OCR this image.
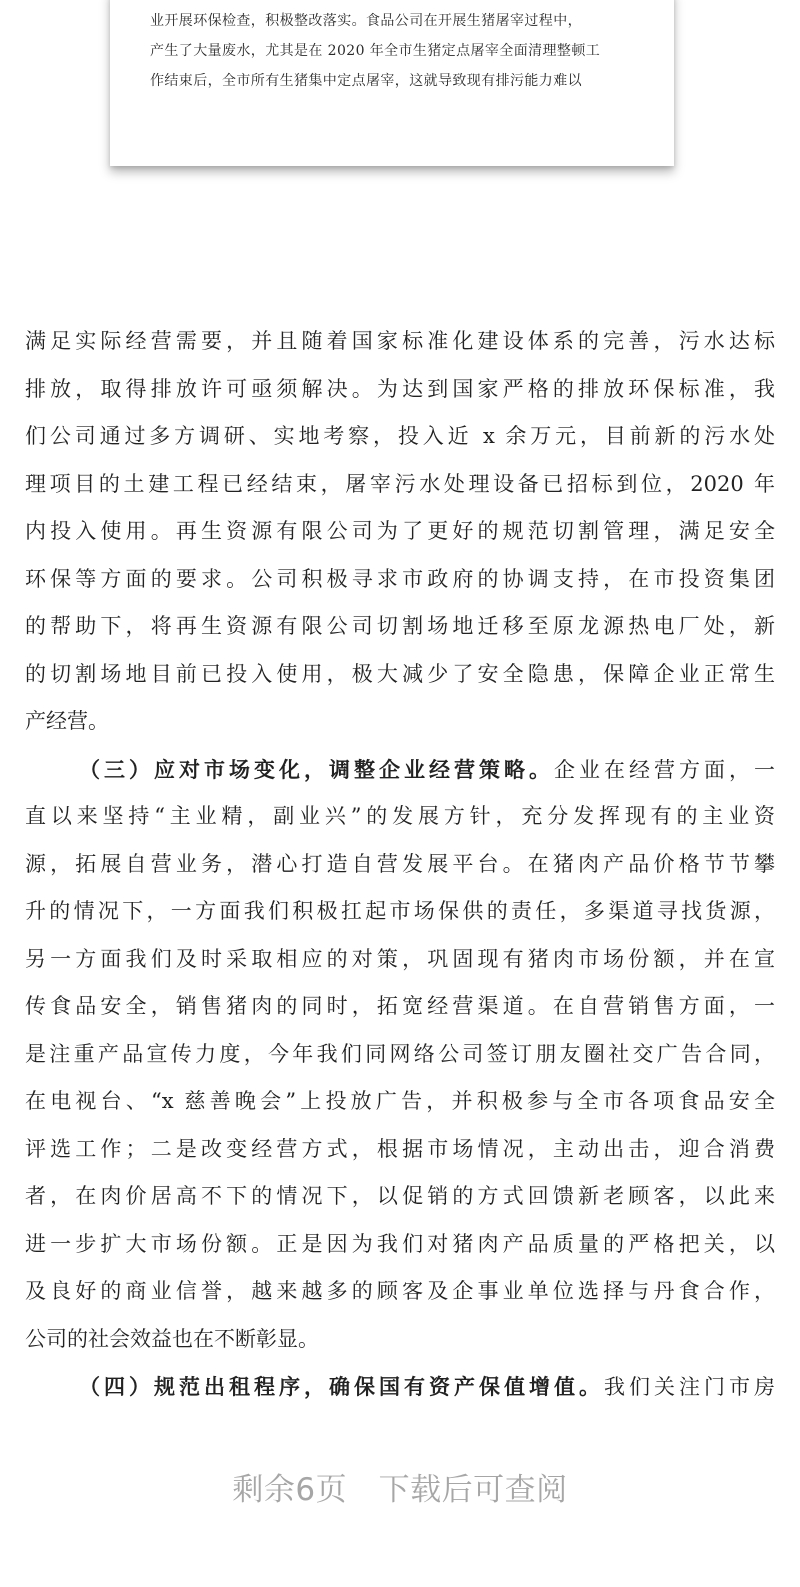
业开展环保检查，积极整改落实。食品公司在开展生猪屠宰过程中，
产生了大量废水，尤其是在 2020 年全市生猪定点屠宰全面清理整顿工
作结束后，全市所有生猪集中定点屠宰，这就导致现有排污能力难以
满足实际经营需要，并且随着国家标准化建设体系的完善，污水达标
排放，取得排放许可亟须解决。为达到国家严格的排放环保标准，我
们公司通过多方调研、实地考察，投入近 x 余万元，目前新的污水处
理项目的土建工程已经结束，屠宰污水处理设备已招标到位，2020 年
内投入使用。再生资源有限公司为了更好的规范切割管理，满足安全
环保等方面的要求。公司积极寻求市政府的协调支持，在市投资集团
的帮助下，将再生资源有限公司切割场地迁移至原龙源热电厂处，新
的切割场地目前已投入使用，极大减少了安全隐患，保障企业正常生
产经营。
（三）应对市场变化，调整企业经营策略。企业在经营方面，一
直以来坚持“主业精，副业兴”的发展方针，充分发挥现有的主业资
源，拓展自营业务，潜心打造自营发展平台。在猪肉产品价格节节攀
升的情况下，一方面我们积极扛起市场保供的责任，多渠道寻找货源，
另一方面我们及时采取相应的对策，巩固现有猪肉市场份额，并在宣
传食品安全，销售猪肉的同时，拓宽经营渠道。在自营销售方面，一
是注重产品宣传力度，今年我们同网络公司签订朋友圈社交广告合同，
在电视台、“x 慈善晚会”上投放广告，并积极参与全市各项食品安全
评选工作；二是改变经营方式，根据市场情况，主动出击，迎合消费
者，在肉价居高不下的情况下，以促销的方式回馈新老顾客，以此来
进一步扩大市场份额。正是因为我们对猪肉产品质量的严格把关，以
及良好的商业信誉，越来越多的顾客及企事业单位选择与丹食合作，
公司的社会效益也在不断彰显。
（四）规范出租程序，确保国有资产保值增值。我们关注门市房
剩余6页　下载后可查阅
